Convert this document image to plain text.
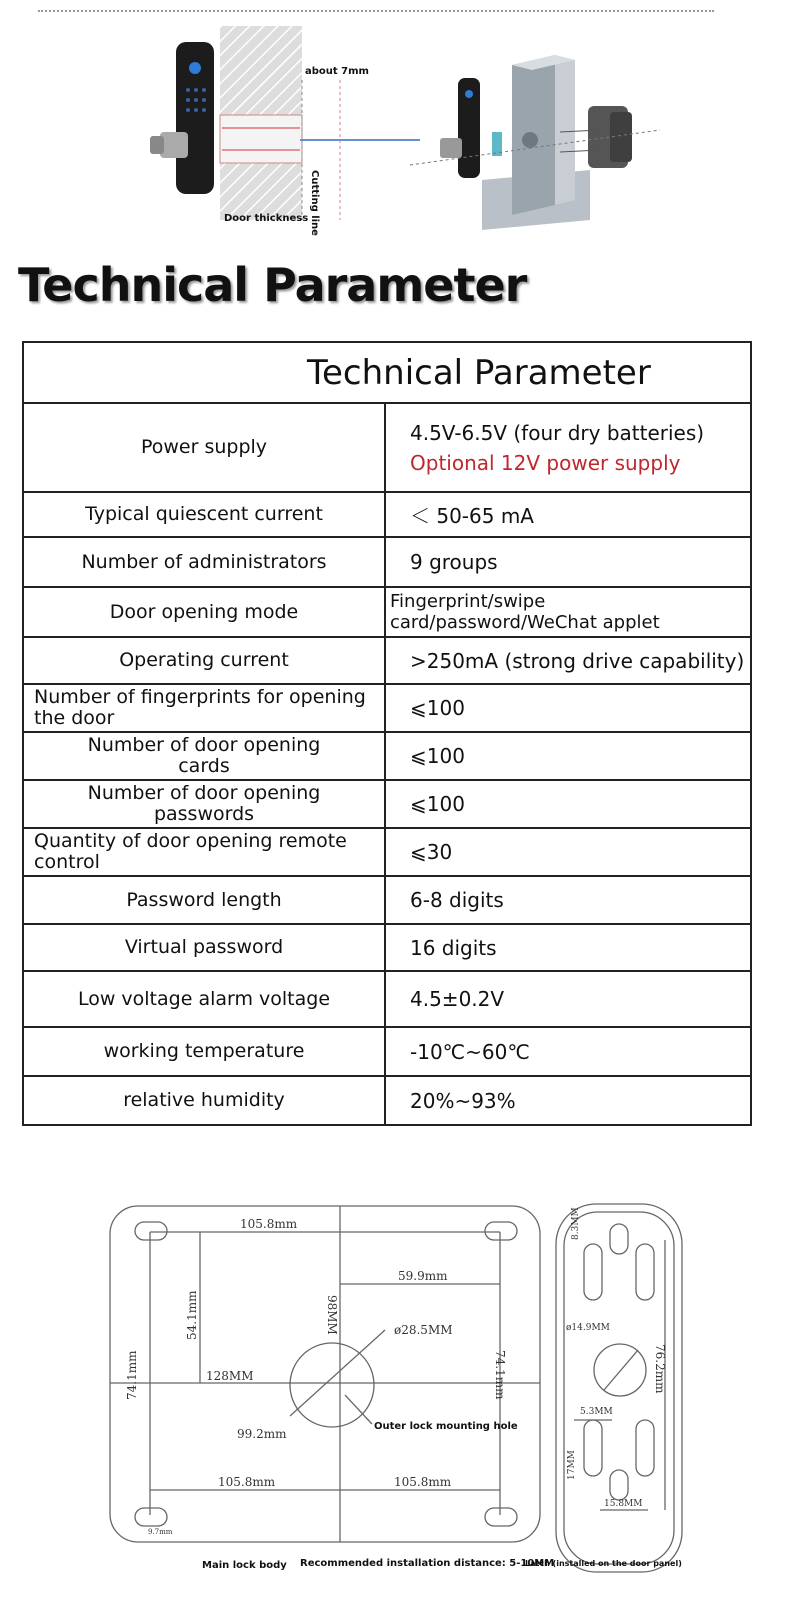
about 7mm
Cutting line
Door thickness
Technical Parameter
Technical Parameter	
Power supply	4.5V-6.5V (four dry batteries)
Optional 12V power supply

Typical quiescent current	＜ 50-65 mA
Number of administrators	9 groups
Door opening mode	Fingerprint/swipe card/password/WeChat applet
Operating current	>250mA (strong drive capability)
Number of fingerprints for opening the door	⩽100
Number of door opening cards	⩽100
Number of door opening passwords	⩽100
Quantity of door opening remote control	⩽30
Password length	6-8 digits
Virtual password	16 digits
Low voltage alarm voltage	4.5±0.2V
working temperature	-10℃~60℃
relative humidity	20%~93%
105.8mm
59.9mm
54.1mm	98MM	ø28.5MM
74.1mm	74.1mm
128MM
99.2mm
105.8mm	105.8mm
9.7mm
Outer lock mounting hole
8.3MM
ø14.9MM
76.2mm
5.3MM
17MM
15.8MM
Main lock body Recommended installation distance: 5-10MM
Latch (installed on the door panel)
